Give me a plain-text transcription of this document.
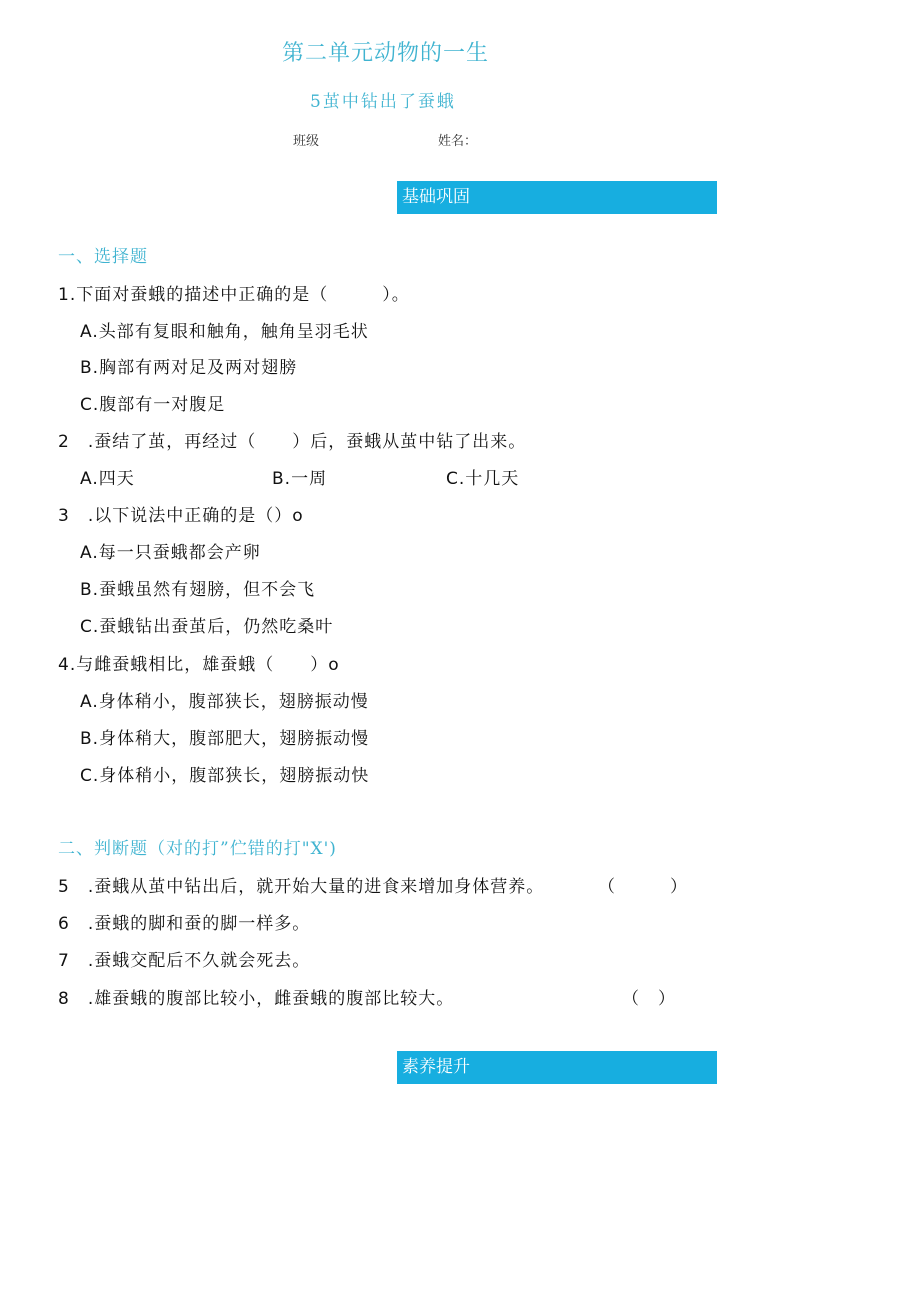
第二单元动物的一生
5茧中钻出了蚕蛾
班级	姓名：
基础巩固
一、选择题
1.下面对蚕蛾的描述中正确的是（　　　）。
A.头部有复眼和触角，触角呈羽毛状
B.胸部有两对足及两对翅膀
C.腹部有一对腹足
2　.蚕结了茧，再经过（　　）后，蚕蛾从茧中钻了出来。
A.四天	B.一周	C.十几天
3　.以下说法中正确的是（）o
A.每一只蚕蛾都会产卵
B.蚕蛾虽然有翅膀，但不会飞
C.蚕蛾钻出蚕茧后，仍然吃桑叶
4.与雌蚕蛾相比，雄蚕蛾（　　）o
A.身体稍小，腹部狭长，翅膀振动慢
B.身体稍大，腹部肥大，翅膀振动慢
C.身体稍小，腹部狭长，翅膀振动快
二、判断题（对的打”伫错的打"X')
5　.蚕蛾从茧中钻出后，就开始大量的进食来增加身体营养。	（　　　）
6　.蚕蛾的脚和蚕的脚一样多。
7　.蚕蛾交配后不久就会死去。
8　.雄蚕蛾的腹部比较小，雌蚕蛾的腹部比较大。	（　）
素养提升
